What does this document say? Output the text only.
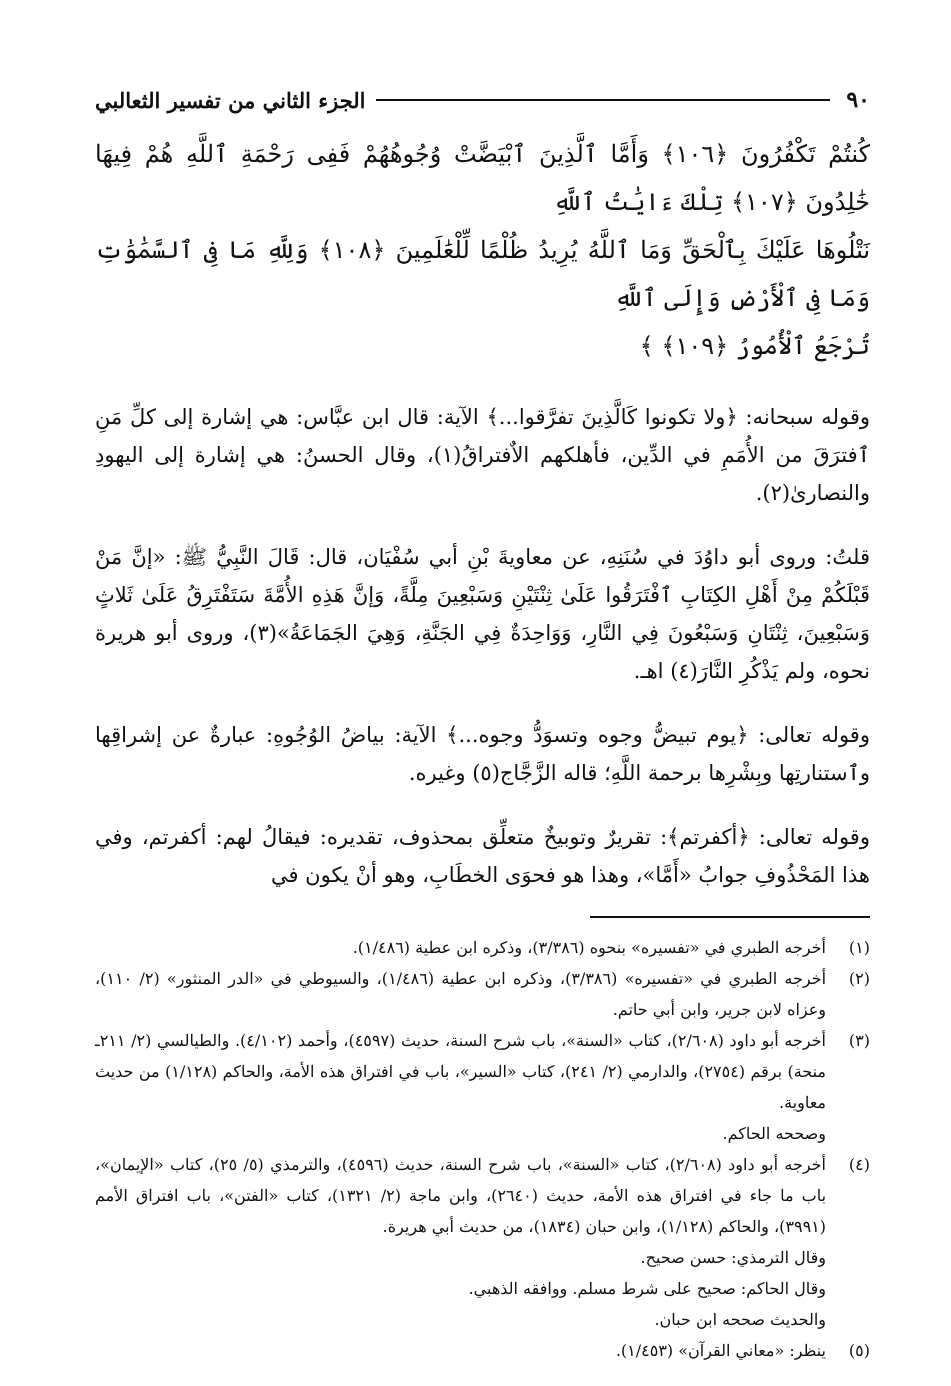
٩٠
الجزء الثاني من تفسير الثعالبي

كُنتُمْ تَكْفُرُونَ ﴿١٠٦﴾ وَأَمَّا ٱلَّذِينَ ٱبْيَضَّتْ وُجُوهُهُمْ فَفِى رَحْمَةِ ٱللَّهِ هُمْ فِيهَا خَٰلِدُونَ ﴿١٠٧﴾ تِلْكَ ءَايَٰتُ ٱللَّهِ

نَتْلُوهَا عَلَيْكَ بِٱلْحَقِّ وَمَا ٱللَّهُ يُرِيدُ ظُلْمًا لِّلْعَٰلَمِينَ ﴿١٠٨﴾ وَلِلَّهِ مَا فِى ٱلسَّمَٰوَٰتِ وَمَا فِى ٱلْأَرْضِ وَإِلَى ٱللَّهِ

تُرْجَعُ ٱلْأُمُورُ ﴿١٠٩﴾ ﴾

وقوله سبحانه: ﴿ولا تكونوا كَالَّذِينَ تفرَّقوا...﴾ الآية: قال ابن عبَّاس: هي إشارة إلى كلِّ مَنِ ٱفترَقَ من الأُمَمِ في الدِّين، فأهلكهم الاٌفتراقُ(١)، وقال الحسنُ: هي إشارة إلى اليهودِ والنصارىٰ(٢).

قلتُ: وروى أبو داوُدَ في سُنَنِهِ، عن معاويةَ بْنِ أبي سُفْيَان، قال: قَالَ النَّبِيُّ ﷺ: «إنَّ مَنْ قَبْلَكُمْ مِنْ أَهْلِ الكِتَابِ ٱفْتَرَقُوا عَلَىٰ ثِنْتَيْنِ وَسَبْعِينَ مِلَّةً، وَإنَّ هَذِهِ الأُمَّةَ سَتَفْتَرِقُ عَلَىٰ ثَلاثٍ وَسَبْعِينَ، ثِنْتَانِ وَسَبْعُونَ فِي النَّارِ، وَوَاحِدَةٌ فِي الجَنَّةِ، وَهِيَ الجَمَاعَةُ»(٣)، وروى أبو هريرة نحوه، ولم يَذْكُرِ النَّارَ(٤) اهـ.

وقوله تعالى: ﴿يوم تبيضُّ وجوه وتسوَدُّ وجوه...﴾ الآية: بياضُ الوُجُوهِ: عبارةٌ عن إشراقِها وٱستنارتِها وبِشْرِها برحمة اللَّهِ؛ قاله الزَّجَّاج(٥) وغيره.

وقوله تعالى: ﴿أكفرتم﴾: تقريرٌ وتوبيخٌ متعلِّق بمحذوف، تقديره: فيقالُ لهم: أكفرتم، وفي هذا المَحْذُوفِ جوابُ «أَمَّا»، وهذا هو فحوَى الخطَابِ، وهو أنْ يكون في

(١)
أخرجه الطبري في «تفسيره» بنحوه (٣/٣٨٦)، وذكره ابن عطية (١/٤٨٦).
(٢)
أخرجه الطبري في «تفسيره» (٣/٣٨٦)، وذكره ابن عطية (١/٤٨٦)، والسيوطي في «الدر المنثور» (٢/ ١١٠)، وعزاه لابن جرير، وابن أبي حاتم.
(٣)
أخرجه أبو داود (٢/٦٠٨)، كتاب «السنة»، باب شرح السنة، حديث (٤٥٩٧)، وأحمد (٤/١٠٢). والطيالسي (٢/ ٢١١ـ منحة) برقم (٢٧٥٤)، والدارمي (٢/ ٢٤١)، كتاب «السير»، باب في افتراق هذه الأمة، والحاكم (١/١٢٨) من حديث معاوية.
وصححه الحاكم.
(٤)
أخرجه أبو داود (٢/٦٠٨)، كتاب «السنة»، باب شرح السنة، حديث (٤٥٩٦)، والترمذي (٥/ ٢٥)، كتاب «الإيمان»، باب ما جاء في افتراق هذه الأمة، حديث (٢٦٤٠)، وابن ماجة (٢/ ١٣٢١)، كتاب «الفتن»، باب افتراق الأمم (٣٩٩١)، والحاكم (١/١٢٨)، وابن حبان (١٨٣٤)، من حديث أبي هريرة.
وقال الترمذي: حسن صحيح.
وقال الحاكم: صحيح على شرط مسلم. ووافقه الذهبي.
والحديث صححه ابن حبان.
(٥)
ينظر: «معاني القرآن» (١/٤٥٣).
